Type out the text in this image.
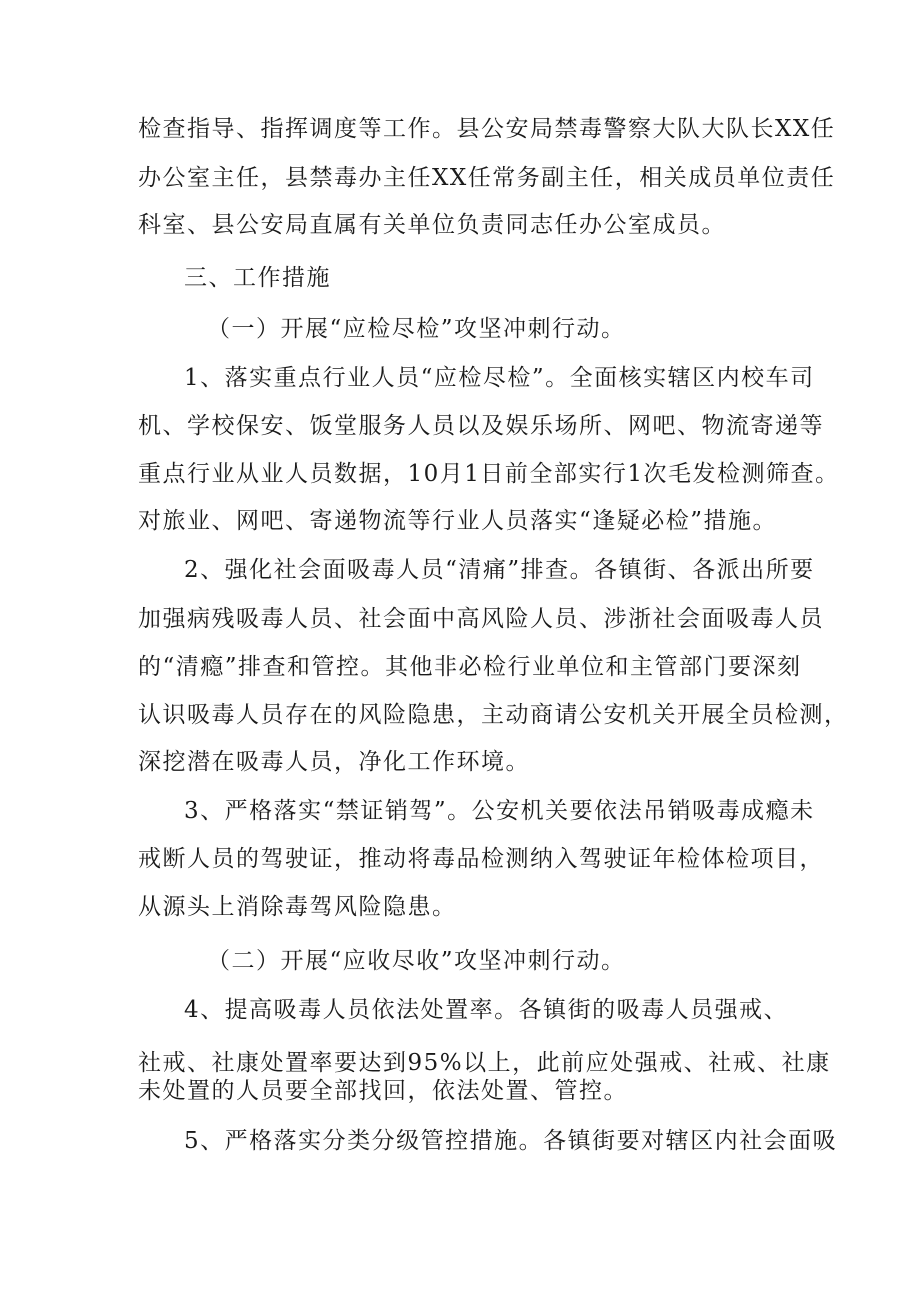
检查指导、指挥调度等工作。县公安局禁毒警察大队大队长XX任
办公室主任，县禁毒办主任XX任常务副主任，相关成员单位责任
科室、县公安局直属有关单位负责同志任办公室成员。
三、工作措施
（一）开展“应检尽检”攻坚冲刺行动。
1、落实重点行业人员“应检尽检”。全面核实辖区内校车司
机、学校保安、饭堂服务人员以及娱乐场所、网吧、物流寄递等
重点行业从业人员数据，10月1日前全部实行1次毛发检测筛查。
对旅业、网吧、寄递物流等行业人员落实“逢疑必检”措施。
2、强化社会面吸毒人员“清痛”排查。各镇街、各派出所要
加强病残吸毒人员、社会面中高风险人员、涉浙社会面吸毒人员
的“清瘾”排查和管控。其他非必检行业单位和主管部门要深刻
认识吸毒人员存在的风险隐患，主动商请公安机关开展全员检测，
深挖潜在吸毒人员，净化工作环境。
3、严格落实“禁证销驾”。公安机关要依法吊销吸毒成瘾未
戒断人员的驾驶证，推动将毒品检测纳入驾驶证年检体检项目，
从源头上消除毒驾风险隐患。
（二）开展“应收尽收”攻坚冲刺行动。
4、提高吸毒人员依法处置率。各镇街的吸毒人员强戒、
社戒、社康处置率要达到95%以上，此前应处强戒、社戒、社康
未处置的人员要全部找回，依法处置、管控。
5、严格落实分类分级管控措施。各镇街要对辖区内社会面吸
